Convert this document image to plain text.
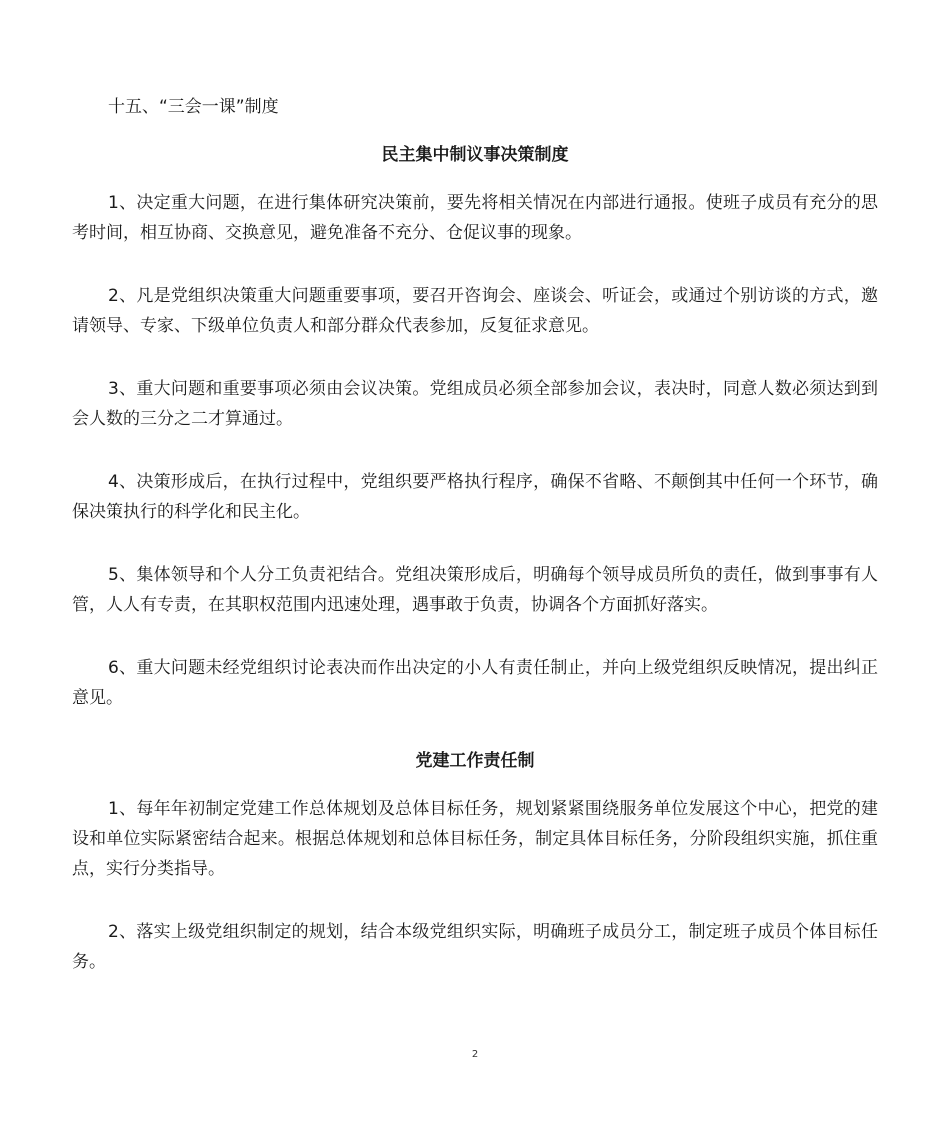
十五、“三会一课”制度

民主集中制议事决策制度

1、决定重大问题，在进行集体研究决策前，要先将相关情况在内部进行通报。使班子成员有充分的思考时间，相互协商、交换意见，避免准备不充分、仓促议事的现象。

2、凡是党组织决策重大问题重要事项，要召开咨询会、座谈会、听证会，或通过个别访谈的方式，邀请领导、专家、下级单位负责人和部分群众代表参加，反复征求意见。

3、重大问题和重要事项必须由会议决策。党组成员必须全部参加会议，表决时，同意人数必须达到到会人数的三分之二才算通过。

4、决策形成后，在执行过程中，党组织要严格执行程序，确保不省略、不颠倒其中任何一个环节，确保决策执行的科学化和民主化。

5、集体领导和个人分工负责祀结合。党组决策形成后，明确每个领导成员所负的责任，做到事事有人管，人人有专责，在其职权范围内迅速处理，遇事敢于负责，协调各个方面抓好落实。

6、重大问题未经党组织讨论表决而作出决定的小人有责任制止，并向上级党组织反映情况，提出纠正意见。

党建工作责任制

1、每年年初制定党建工作总体规划及总体目标任务，规划紧紧围绕服务单位发展这个中心，把党的建设和单位实际紧密结合起来。根据总体规划和总体目标任务，制定具体目标任务，分阶段组织实施，抓住重点，实行分类指导。

2、落实上级党组织制定的规划，结合本级党组织实际，明确班子成员分工，制定班子成员个体目标任务。

2
